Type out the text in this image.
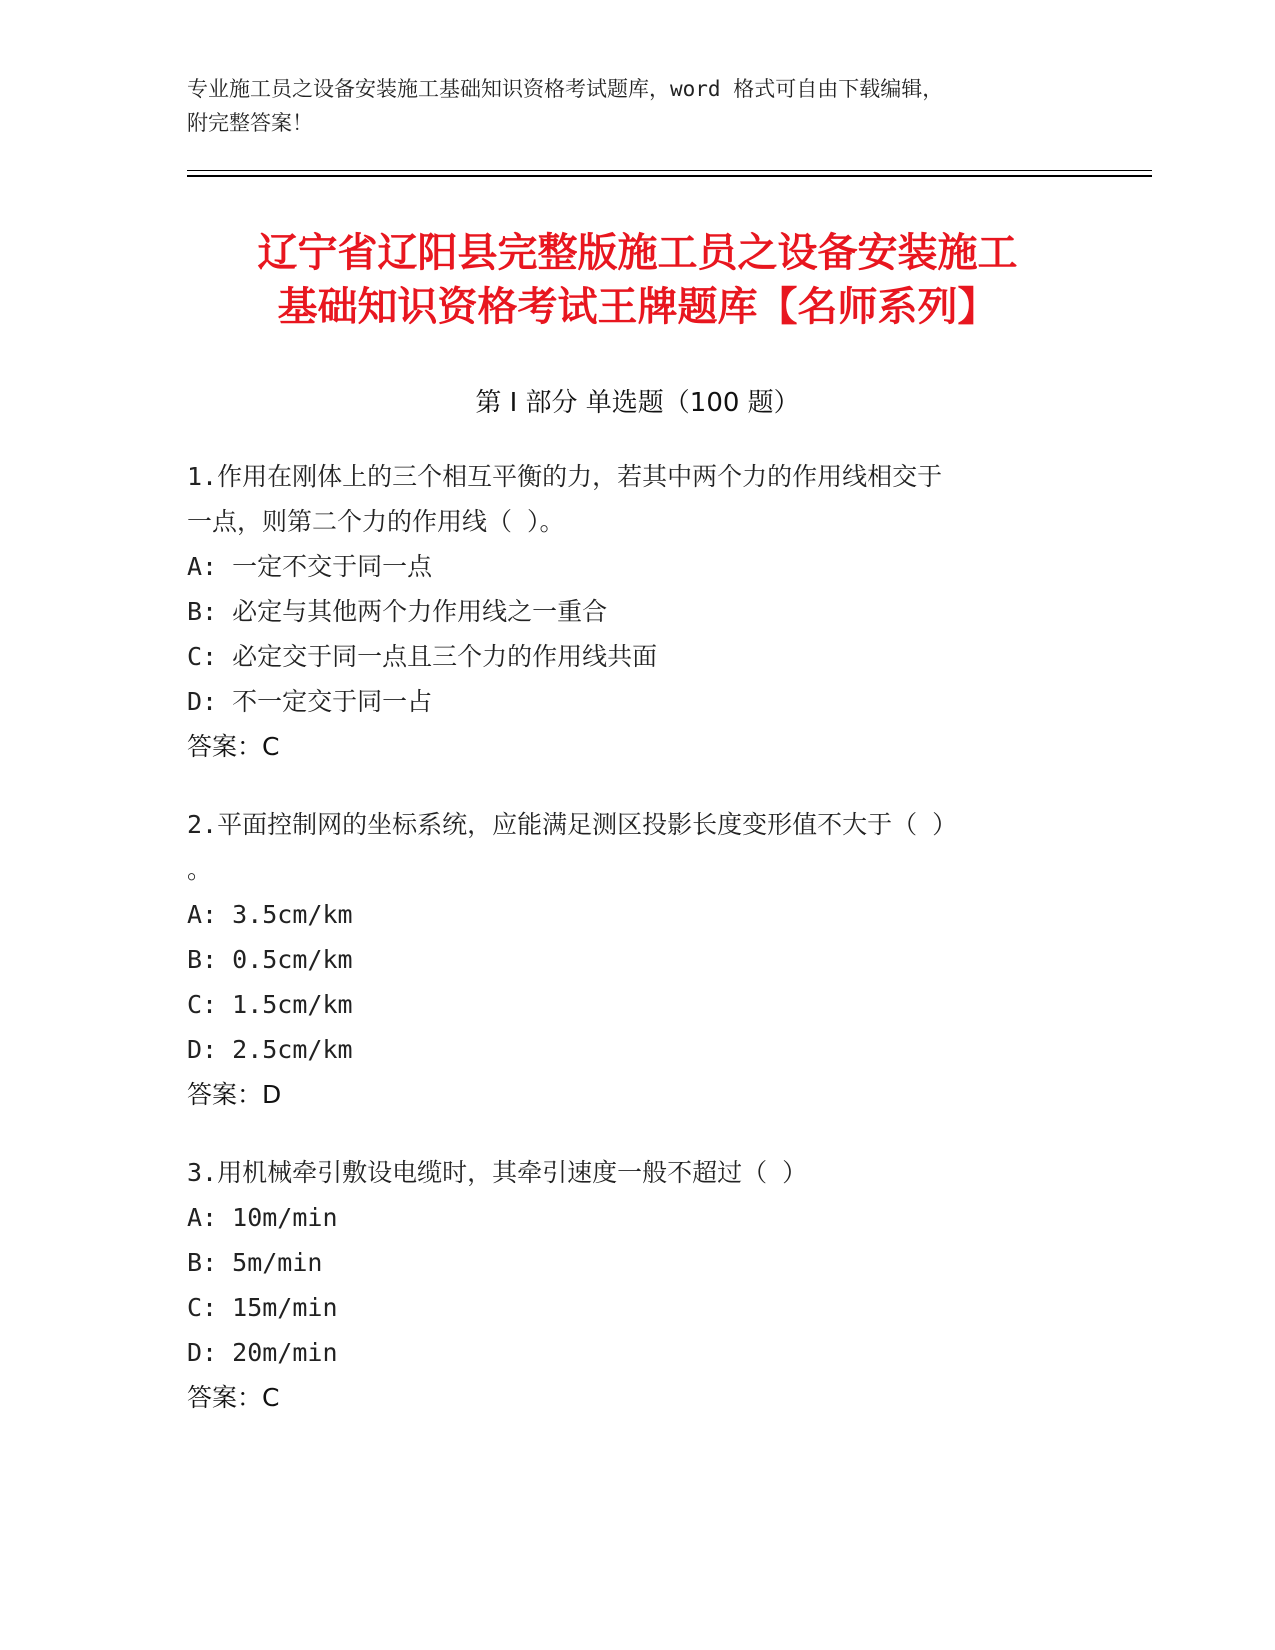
专业施工员之设备安装施工基础知识资格考试题库，word 格式可自由下载编辑，
附完整答案！
辽宁省辽阳县完整版施工员之设备安装施工
基础知识资格考试王牌题库【名师系列】
第 I 部分 单选题（100 题）
1.作用在刚体上的三个相互平衡的力，若其中两个力的作用线相交于
一点，则第二个力的作用线（ ）。
A: 一定不交于同一点
B: 必定与其他两个力作用线之一重合
C: 必定交于同一点且三个力的作用线共面
D: 不一定交于同一占
答案：C
2.平面控制网的坐标系统，应能满足测区投影长度变形值不大于（ ）
。
A: 3.5cm/km
B: 0.5cm/km
C: 1.5cm/km
D: 2.5cm/km
答案：D
3.用机械牵引敷设电缆时，其牵引速度一般不超过（ ）
A: 10m/min
B: 5m/min
C: 15m/min
D: 20m/min
答案：C
